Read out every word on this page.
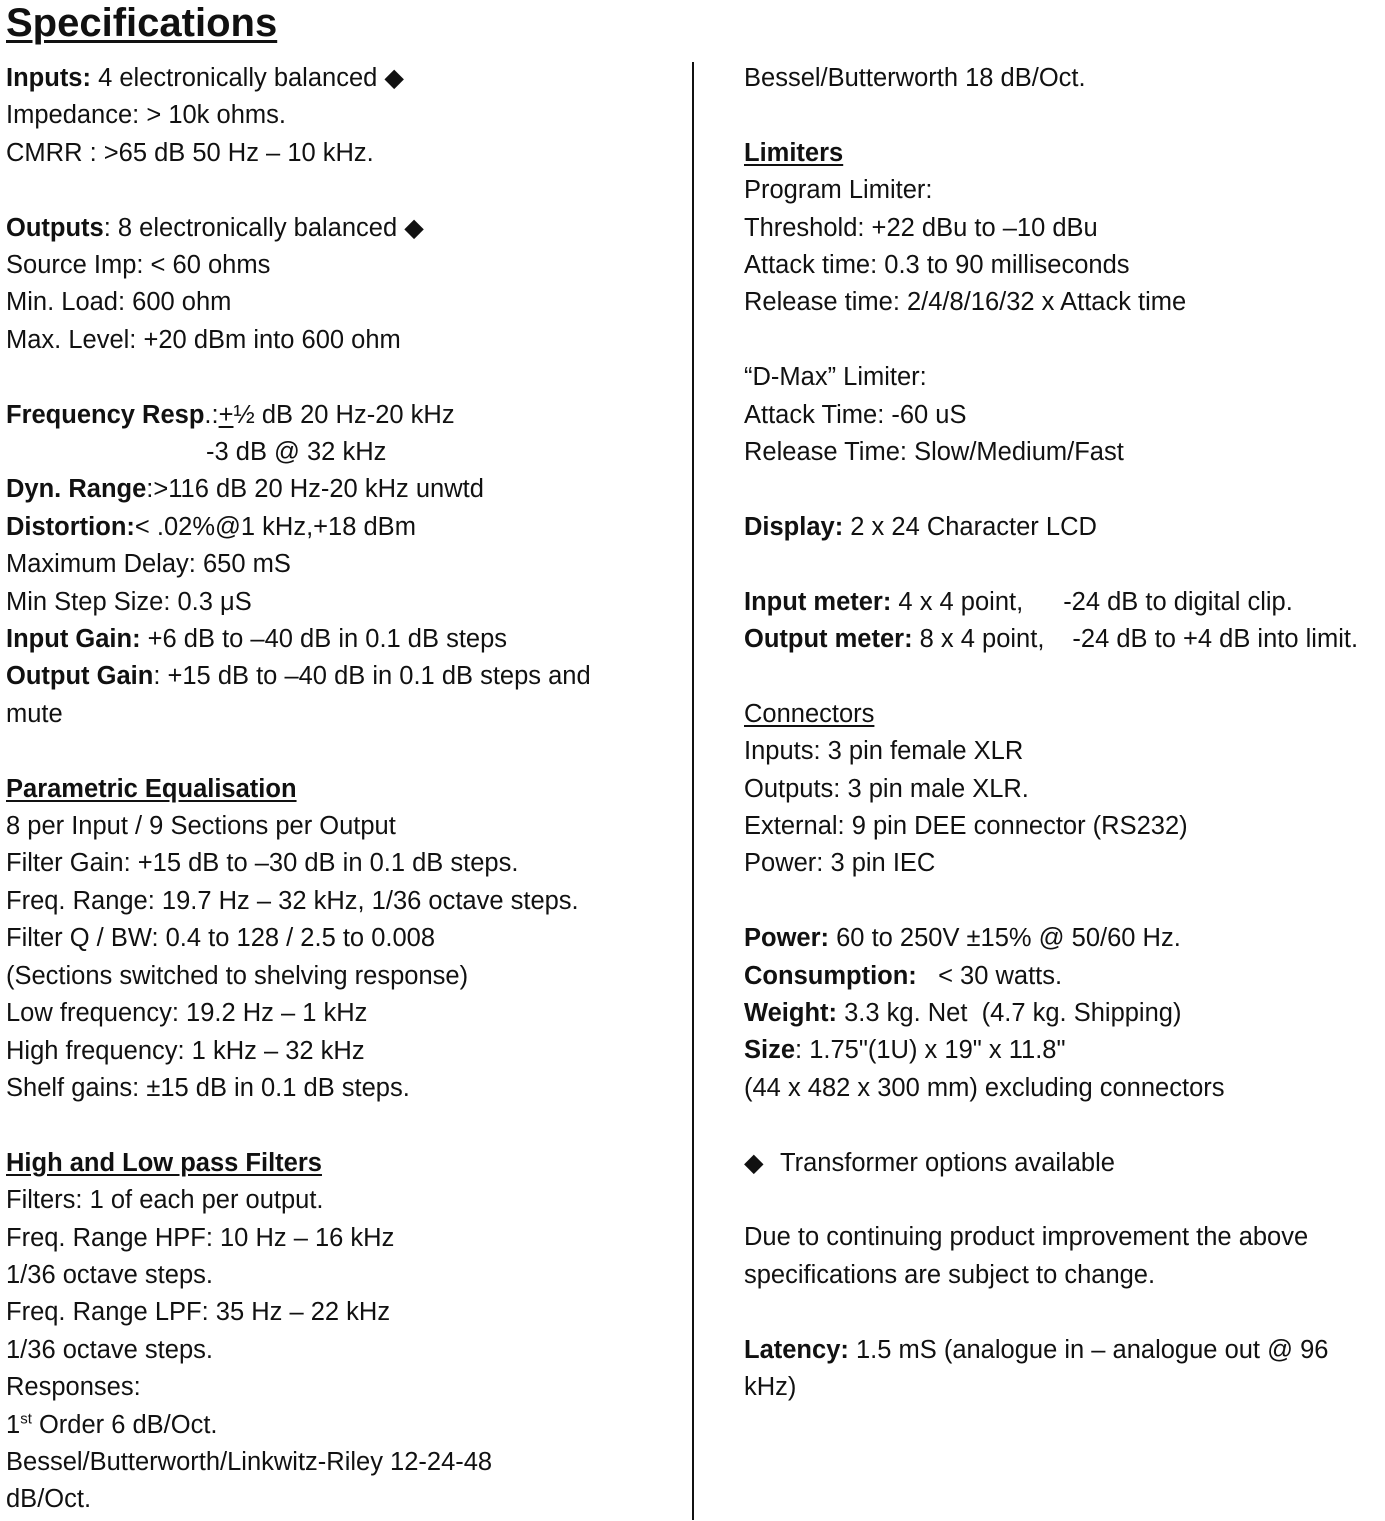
Specifications
Inputs: 4 electronically balanced ◆
Impedance: > 10k ohms.
CMRR : >65 dB 50 Hz – 10 kHz.
Outputs: 8 electronically balanced ◆
Source Imp: < 60 ohms
Min. Load: 600 ohm
Max. Level: +20 dBm into 600 ohm
Frequency Resp.:+½ dB 20 Hz-20 kHz
-3 dB @ 32 kHz
Dyn. Range:>116 dB 20 Hz-20 kHz unwtd
Distortion:< .02%@1 kHz,+18 dBm
Maximum Delay: 650 mS
Min Step Size: 0.3 μS
Input Gain: +6 dB to –40 dB in 0.1 dB steps
Output Gain: +15 dB to –40 dB in 0.1 dB steps and mute
Parametric Equalisation
8 per Input / 9 Sections per Output
Filter Gain: +15 dB to –30 dB in 0.1 dB steps.
Freq. Range: 19.7 Hz – 32 kHz, 1/36 octave steps.
Filter Q / BW: 0.4 to 128 / 2.5 to 0.008
(Sections switched to shelving response)
Low frequency: 19.2 Hz – 1 kHz
High frequency: 1 kHz – 32 kHz
Shelf gains: ±15 dB in 0.1 dB steps.
High and Low pass Filters
Filters: 1 of each per output.
Freq. Range HPF: 10 Hz – 16 kHz
1/36 octave steps.
Freq. Range LPF: 35 Hz – 22 kHz
1/36 octave steps.
Responses:
1st Order 6 dB/Oct.
Bessel/Butterworth/Linkwitz-Riley 12-24-48 dB/Oct.
Bessel/Butterworth 18 dB/Oct.
Limiters
Program Limiter:
Threshold: +22 dBu to –10 dBu
Attack time: 0.3 to 90 milliseconds
Release time: 2/4/8/16/32 x Attack time
“D-Max” Limiter:
Attack Time: -60 uS
Release Time: Slow/Medium/Fast
Display: 2 x 24 Character LCD
Input meter: 4 x 4 point, -24 dB to digital clip.
Output meter: 8 x 4 point, -24 dB to +4 dB into limit.
Connectors
Inputs: 3 pin female XLR
Outputs: 3 pin male XLR.
External: 9 pin DEE connector (RS232)
Power: 3 pin IEC
Power: 60 to 250V ±15% @ 50/60 Hz.
Consumption:   < 30 watts.
Weight: 3.3 kg. Net  (4.7 kg. Shipping)
Size: 1.75"(1U) x 19" x 11.8"
(44 x 482 x 300 mm) excluding connectors
◆ Transformer options available
Due to continuing product improvement the above specifications are subject to change.
Latency: 1.5 mS (analogue in – analogue out @ 96 kHz)
